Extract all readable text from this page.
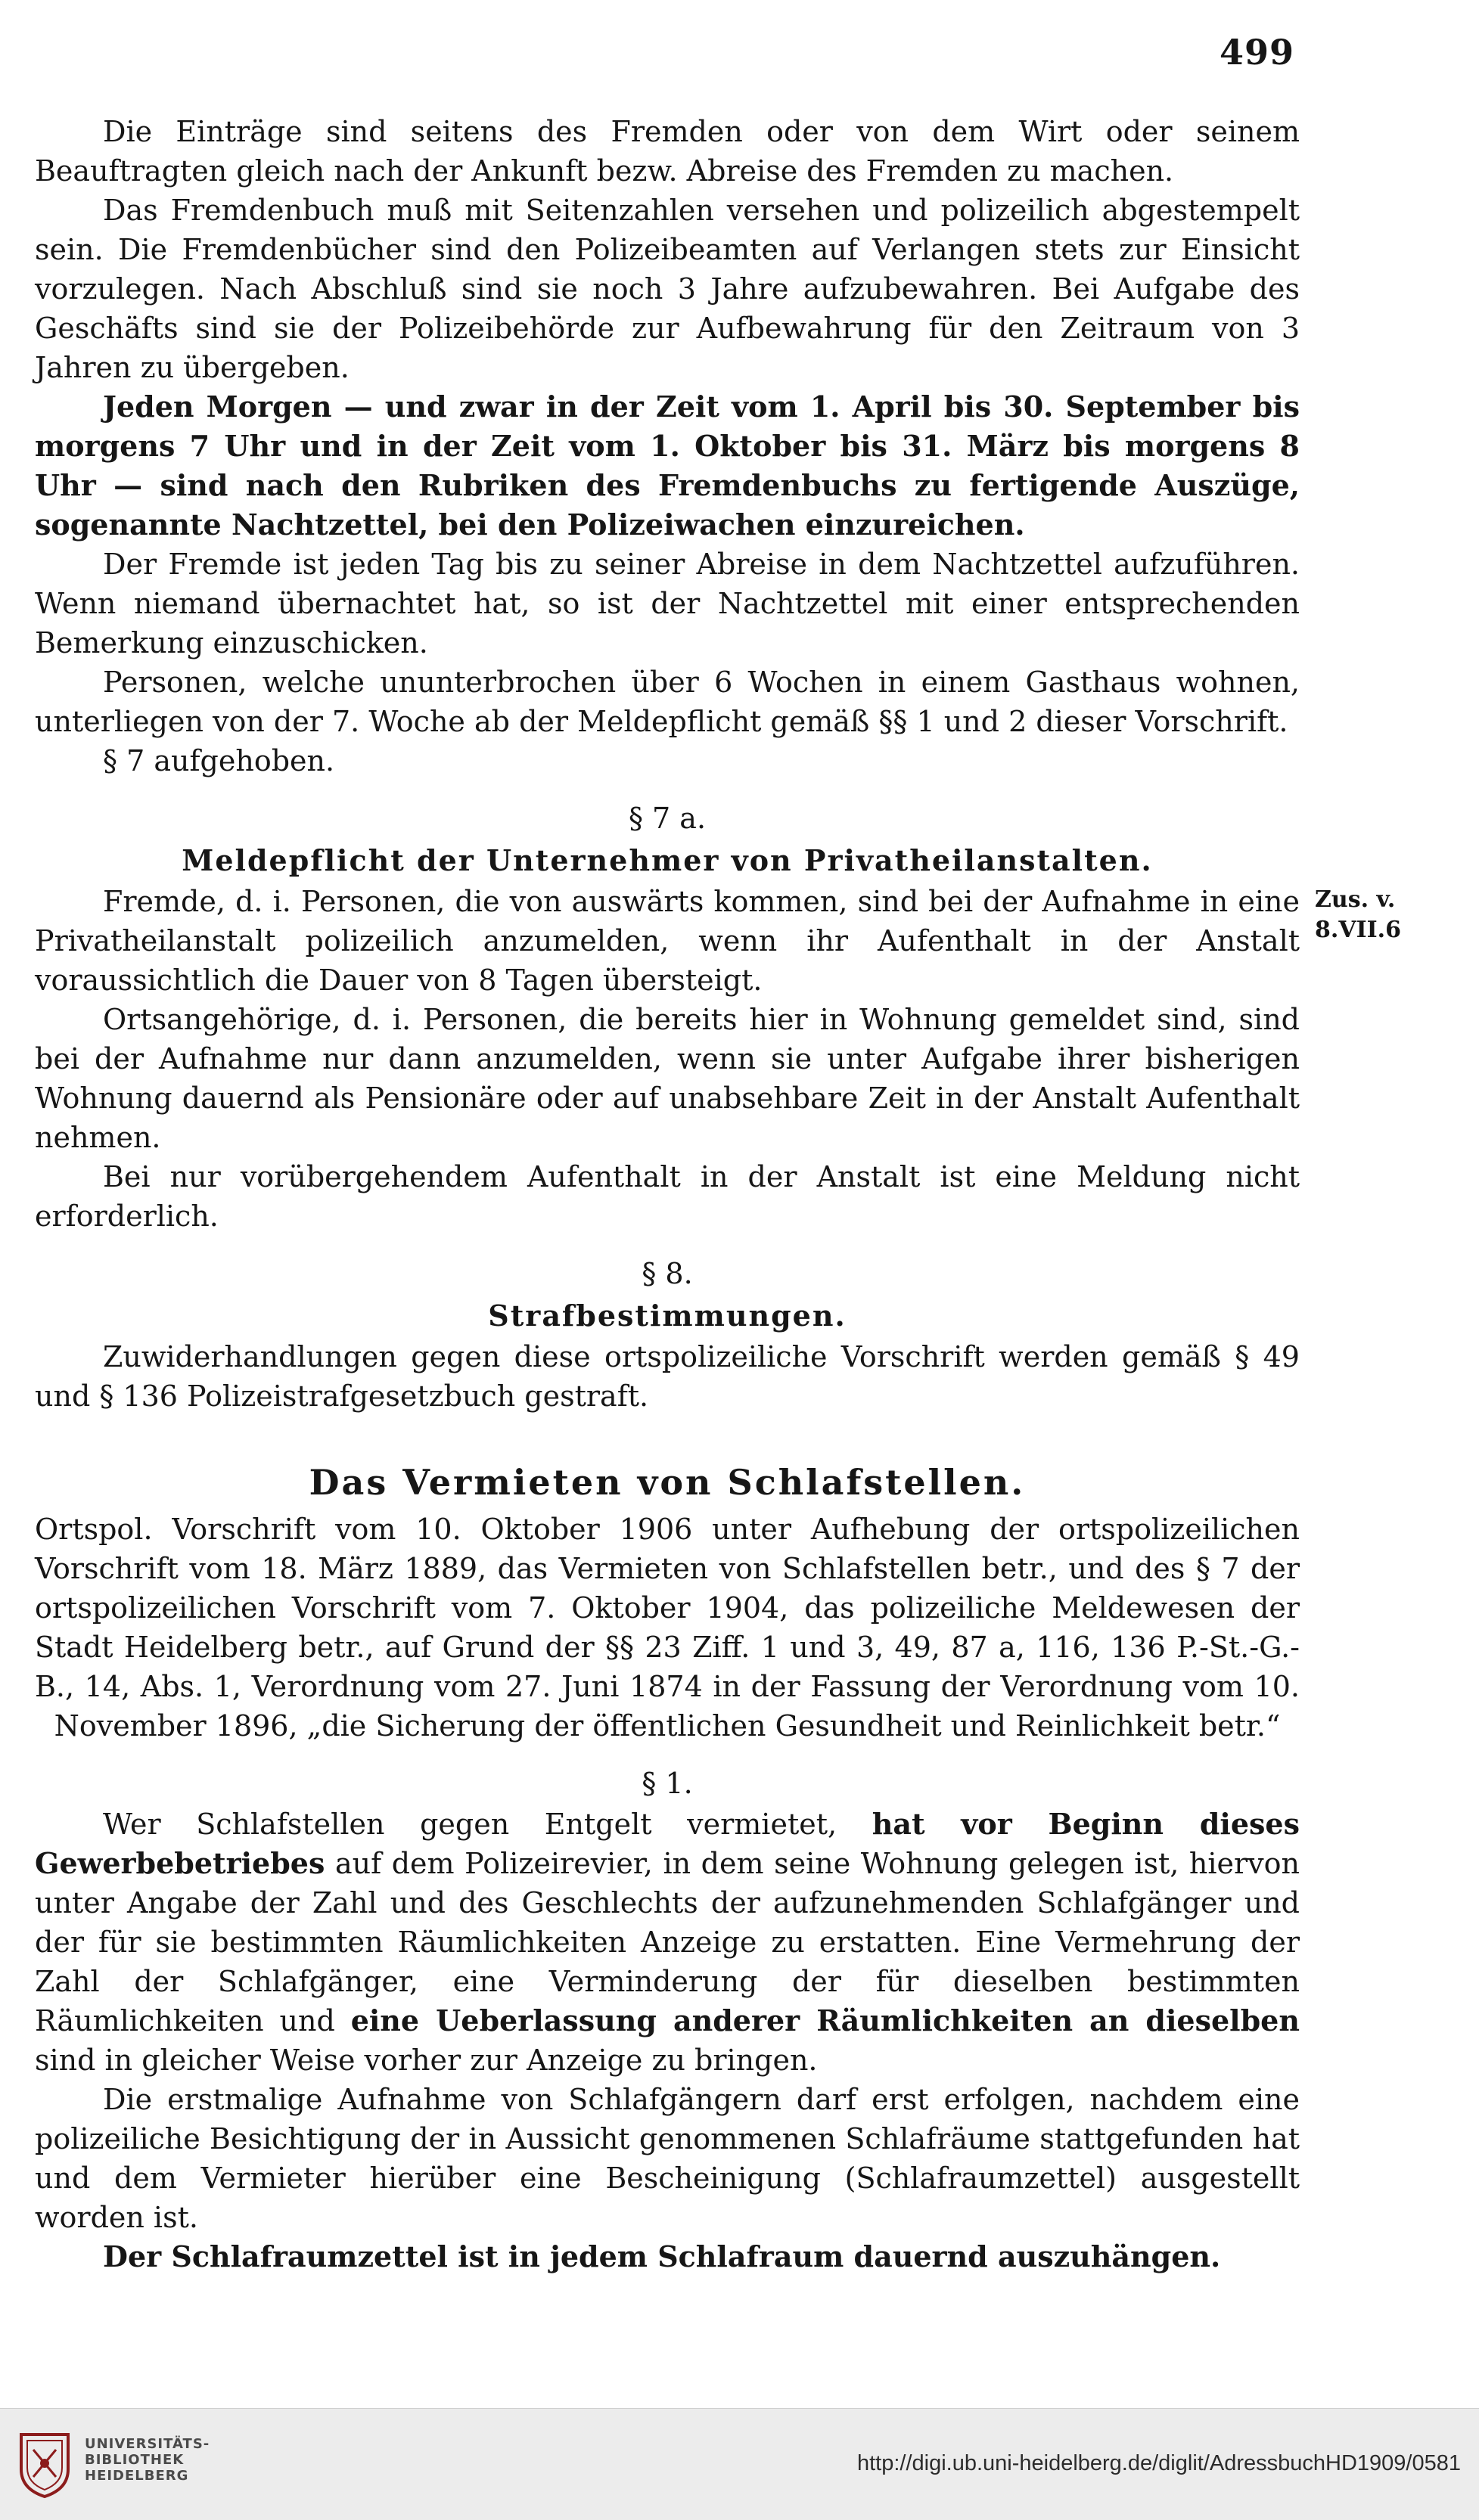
499
Zus. v.
8.VII.6

Die Einträge sind seitens des Fremden oder von dem Wirt oder seinem Beauftragten gleich nach der Ankunft bezw. Abreise des Fremden zu machen.

Das Fremdenbuch muß mit Seitenzahlen versehen und polizeilich abgestempelt sein. Die Fremdenbücher sind den Polizeibeamten auf Verlangen stets zur Einsicht vorzulegen. Nach Abschluß sind sie noch 3 Jahre aufzubewahren. Bei Aufgabe des Geschäfts sind sie der Polizeibehörde zur Aufbewahrung für den Zeitraum von 3 Jahren zu übergeben.

Jeden Morgen — und zwar in der Zeit vom 1. April bis 30. September bis morgens 7 Uhr und in der Zeit vom 1. Oktober bis 31. März bis morgens 8 Uhr — sind nach den Rubriken des Fremdenbuchs zu fertigende Auszüge, sogenannte Nachtzettel, bei den Polizeiwachen einzureichen.

Der Fremde ist jeden Tag bis zu seiner Abreise in dem Nachtzettel aufzuführen. Wenn niemand übernachtet hat, so ist der Nachtzettel mit einer entsprechenden Bemerkung einzuschicken.

Personen, welche ununterbrochen über 6 Wochen in einem Gasthaus wohnen, unterliegen von der 7. Woche ab der Meldepflicht gemäß §§ 1 und 2 dieser Vorschrift.

§ 7 aufgehoben.

§ 7 a.
Meldepflicht der Unternehmer von Privatheilanstalten.

Fremde, d. i. Personen, die von auswärts kommen, sind bei der Aufnahme in eine Privatheilanstalt polizeilich anzumelden, wenn ihr Aufenthalt in der Anstalt voraussichtlich die Dauer von 8 Tagen übersteigt.

Ortsangehörige, d. i. Personen, die bereits hier in Wohnung gemeldet sind, sind bei der Aufnahme nur dann anzumelden, wenn sie unter Aufgabe ihrer bisherigen Wohnung dauernd als Pensionäre oder auf unabsehbare Zeit in der Anstalt Aufenthalt nehmen.

Bei nur vorübergehendem Aufenthalt in der Anstalt ist eine Meldung nicht erforderlich.

§ 8.
Strafbestimmungen.

Zuwiderhandlungen gegen diese ortspolizeiliche Vorschrift werden gemäß § 49 und § 136 Polizeistrafgesetzbuch gestraft.

Das Vermieten von Schlafstellen.

Ortspol. Vorschrift vom 10. Oktober 1906 unter Aufhebung der ortspolizeilichen Vorschrift vom 18. März 1889, das Vermieten von Schlafstellen betr., und des § 7 der ortspolizeilichen Vorschrift vom 7. Oktober 1904, das polizeiliche Meldewesen der Stadt Heidelberg betr., auf Grund der §§ 23 Ziff. 1 und 3, 49, 87 a, 116, 136 P.-St.-G.-B., 14, Abs. 1, Verordnung vom 27. Juni 1874 in der Fassung der Verordnung vom 10. November 1896, „die Sicherung der öffentlichen Gesundheit und Reinlichkeit betr.“

§ 1.

Wer Schlafstellen gegen Entgelt vermietet, hat vor Beginn dieses Gewerbebetriebes auf dem Polizeirevier, in dem seine Wohnung gelegen ist, hiervon unter Angabe der Zahl und des Geschlechts der aufzunehmenden Schlafgänger und der für sie bestimmten Räumlichkeiten Anzeige zu erstatten. Eine Vermehrung der Zahl der Schlafgänger, eine Verminderung der für dieselben bestimmten Räumlichkeiten und eine Ueberlassung anderer Räumlichkeiten an dieselben sind in gleicher Weise vorher zur Anzeige zu bringen.

Die erstmalige Aufnahme von Schlafgängern darf erst erfolgen, nachdem eine polizeiliche Besichtigung der in Aussicht genommenen Schlafräume stattgefunden hat und dem Vermieter hierüber eine Bescheinigung (Schlafraumzettel) ausgestellt worden ist.

Der Schlafraumzettel ist in jedem Schlafraum dauernd auszuhängen.

UNIVERSITÄTS-
BIBLIOTHEK
HEIDELBERG
http://digi.ub.uni-heidelberg.de/diglit/AdressbuchHD1909/0581
